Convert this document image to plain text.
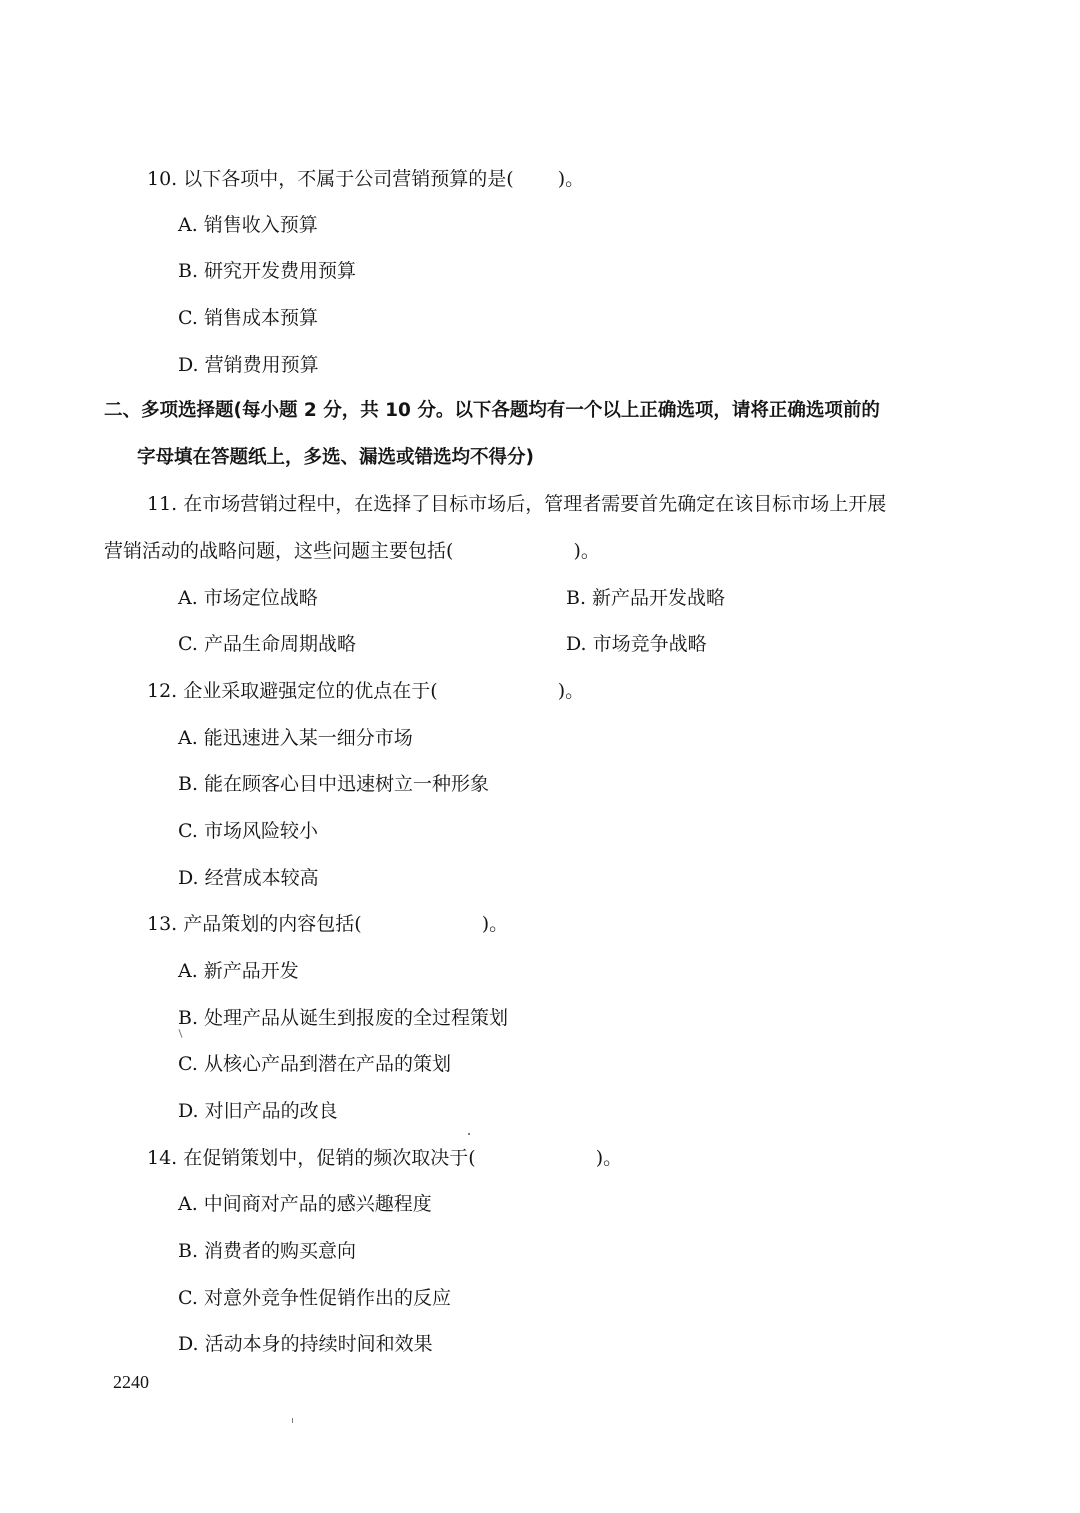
10. 以下各项中，不属于公司营销预算的是(　　 )。
A. 销售收入预算
B. 研究开发费用预算
C. 销售成本预算
D. 营销费用预算
二、多项选择题(每小题 2 分，共 10 分。以下各题均有一个以上正确选项，请将正确选项前的
字母填在答题纸上，多选、漏选或错选均不得分)
11. 在市场营销过程中，在选择了目标市场后，管理者需要首先确定在该目标市场上开展
营销活动的战略问题，这些问题主要包括(　　　　　　 )。
A. 市场定位战略	B. 新产品开发战略
C. 产品生命周期战略	D. 市场竞争战略
12. 企业采取避强定位的优点在于(　　　　　　 )。
A. 能迅速进入某一细分市场
B. 能在顾客心目中迅速树立一种形象
C. 市场风险较小
D. 经营成本较高
13. 产品策划的内容包括(　　　　　　 )。
A. 新产品开发
B. 处理产品从诞生到报废的全过程策划
C. 从核心产品到潜在产品的策划
D. 对旧产品的改良
14. 在促销策划中，促销的频次取决于(　　　　　　 )。
A. 中间商对产品的感兴趣程度
B. 消费者的购买意向
C. 对意外竞争性促销作出的反应
D. 活动本身的持续时间和效果
2240
